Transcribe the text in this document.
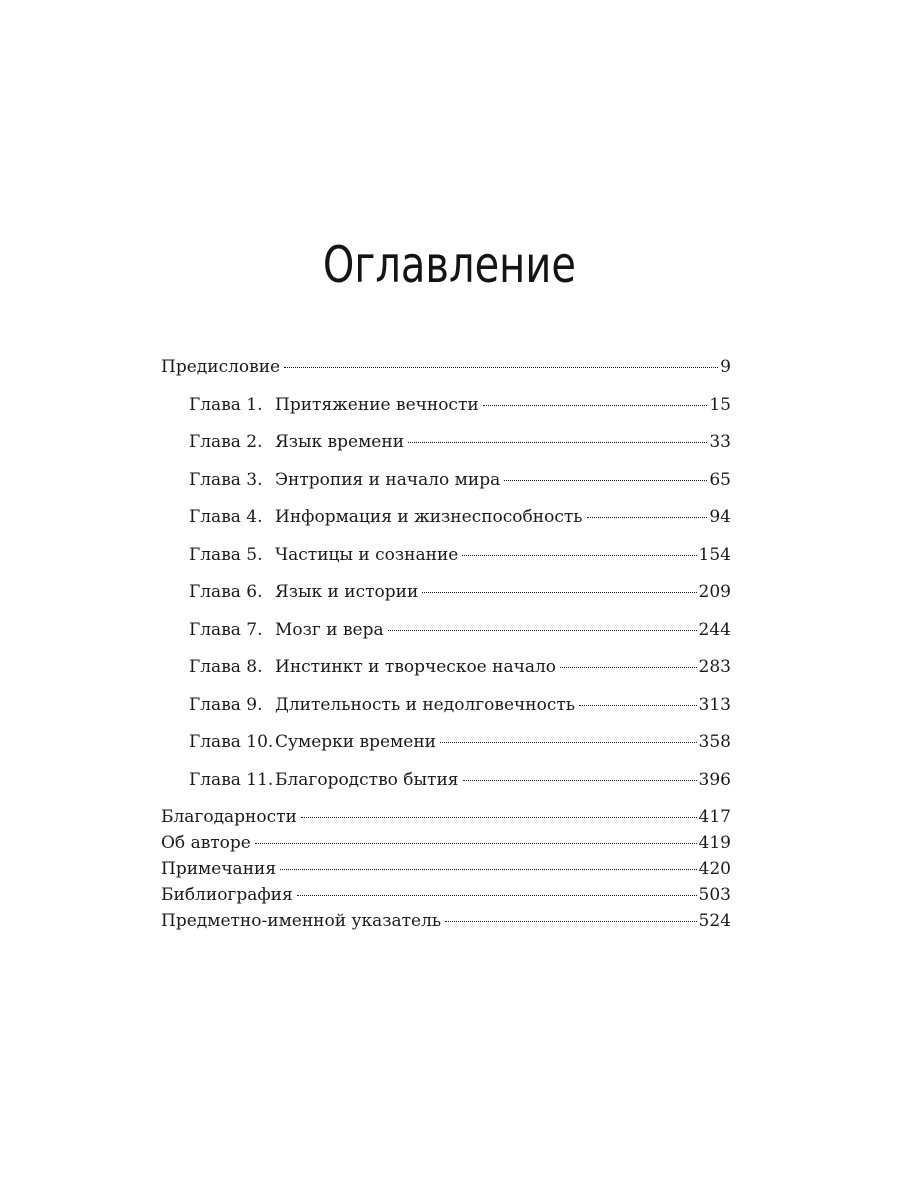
Оглавление
Предисловие	9
Глава 1. Притяжение вечности	15
Глава 2. Язык времени	33
Глава 3. Энтропия и начало мира	65
Глава 4. Информация и жизнеспособность	94
Глава 5. Частицы и сознание	154
Глава 6. Язык и истории	209
Глава 7. Мозг и вера	244
Глава 8. Инстинкт и творческое начало	283
Глава 9. Длительность и недолговечность	313
Глава 10. Сумерки времени	358
Глава 11. Благородство бытия	396
Благодарности	417
Об авторе	419
Примечания	420
Библиография	503
Предметно-именной указатель	524
